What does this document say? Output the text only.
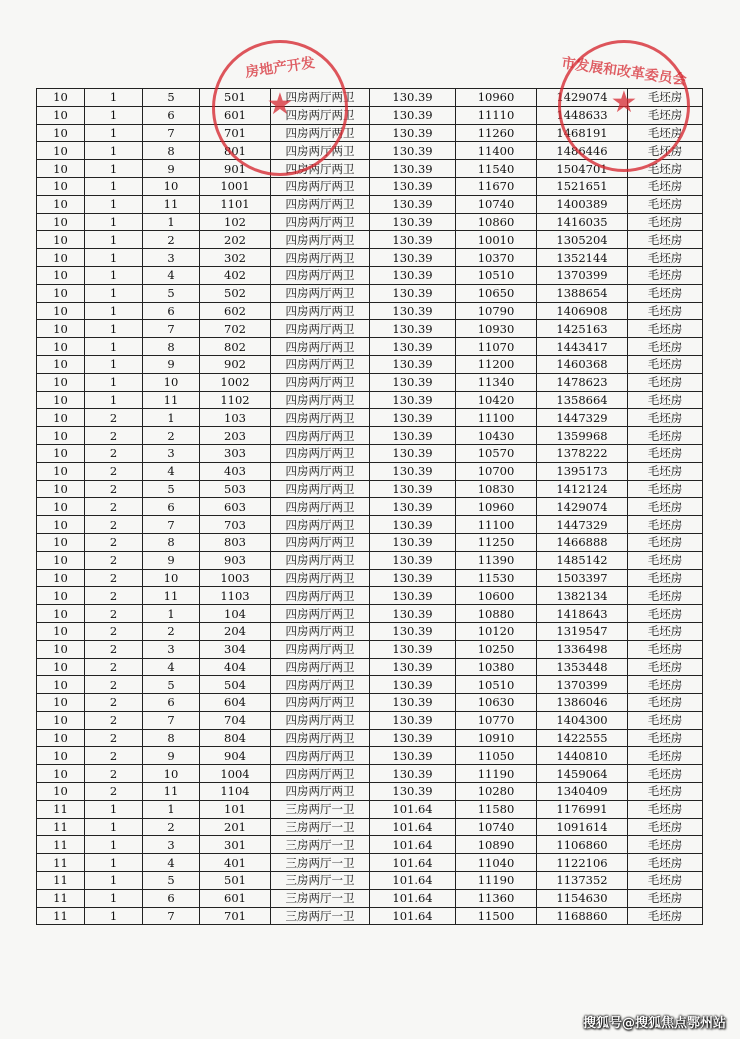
10	1	5	501	四房两厅两卫	130.39	10960	1429074	毛坯房
10	1	6	601	四房两厅两卫	130.39	11110	1448633	毛坯房
10	1	7	701	四房两厅两卫	130.39	11260	1468191	毛坯房
10	1	8	801	四房两厅两卫	130.39	11400	1486446	毛坯房
10	1	9	901	四房两厅两卫	130.39	11540	1504701	毛坯房
10	1	10	1001	四房两厅两卫	130.39	11670	1521651	毛坯房
10	1	11	1101	四房两厅两卫	130.39	10740	1400389	毛坯房
10	1	1	102	四房两厅两卫	130.39	10860	1416035	毛坯房
10	1	2	202	四房两厅两卫	130.39	10010	1305204	毛坯房
10	1	3	302	四房两厅两卫	130.39	10370	1352144	毛坯房
10	1	4	402	四房两厅两卫	130.39	10510	1370399	毛坯房
10	1	5	502	四房两厅两卫	130.39	10650	1388654	毛坯房
10	1	6	602	四房两厅两卫	130.39	10790	1406908	毛坯房
10	1	7	702	四房两厅两卫	130.39	10930	1425163	毛坯房
10	1	8	802	四房两厅两卫	130.39	11070	1443417	毛坯房
10	1	9	902	四房两厅两卫	130.39	11200	1460368	毛坯房
10	1	10	1002	四房两厅两卫	130.39	11340	1478623	毛坯房
10	1	11	1102	四房两厅两卫	130.39	10420	1358664	毛坯房
10	2	1	103	四房两厅两卫	130.39	11100	1447329	毛坯房
10	2	2	203	四房两厅两卫	130.39	10430	1359968	毛坯房
10	2	3	303	四房两厅两卫	130.39	10570	1378222	毛坯房
10	2	4	403	四房两厅两卫	130.39	10700	1395173	毛坯房
10	2	5	503	四房两厅两卫	130.39	10830	1412124	毛坯房
10	2	6	603	四房两厅两卫	130.39	10960	1429074	毛坯房
10	2	7	703	四房两厅两卫	130.39	11100	1447329	毛坯房
10	2	8	803	四房两厅两卫	130.39	11250	1466888	毛坯房
10	2	9	903	四房两厅两卫	130.39	11390	1485142	毛坯房
10	2	10	1003	四房两厅两卫	130.39	11530	1503397	毛坯房
10	2	11	1103	四房两厅两卫	130.39	10600	1382134	毛坯房
10	2	1	104	四房两厅两卫	130.39	10880	1418643	毛坯房
10	2	2	204	四房两厅两卫	130.39	10120	1319547	毛坯房
10	2	3	304	四房两厅两卫	130.39	10250	1336498	毛坯房
10	2	4	404	四房两厅两卫	130.39	10380	1353448	毛坯房
10	2	5	504	四房两厅两卫	130.39	10510	1370399	毛坯房
10	2	6	604	四房两厅两卫	130.39	10630	1386046	毛坯房
10	2	7	704	四房两厅两卫	130.39	10770	1404300	毛坯房
10	2	8	804	四房两厅两卫	130.39	10910	1422555	毛坯房
10	2	9	904	四房两厅两卫	130.39	11050	1440810	毛坯房
10	2	10	1004	四房两厅两卫	130.39	11190	1459064	毛坯房
10	2	11	1104	四房两厅两卫	130.39	10280	1340409	毛坯房
11	1	1	101	三房两厅一卫	101.64	11580	1176991	毛坯房
11	1	2	201	三房两厅一卫	101.64	10740	1091614	毛坯房
11	1	3	301	三房两厅一卫	101.64	10890	1106860	毛坯房
11	1	4	401	三房两厅一卫	101.64	11040	1122106	毛坯房
11	1	5	501	三房两厅一卫	101.64	11190	1137352	毛坯房
11	1	6	601	三房两厅一卫	101.64	11360	1154630	毛坯房
11	1	7	701	三房两厅一卫	101.64	11500	1168860	毛坯房
房地产开发
★
市发展和改革委员会
★
搜狐号@搜狐焦点鄂州站
